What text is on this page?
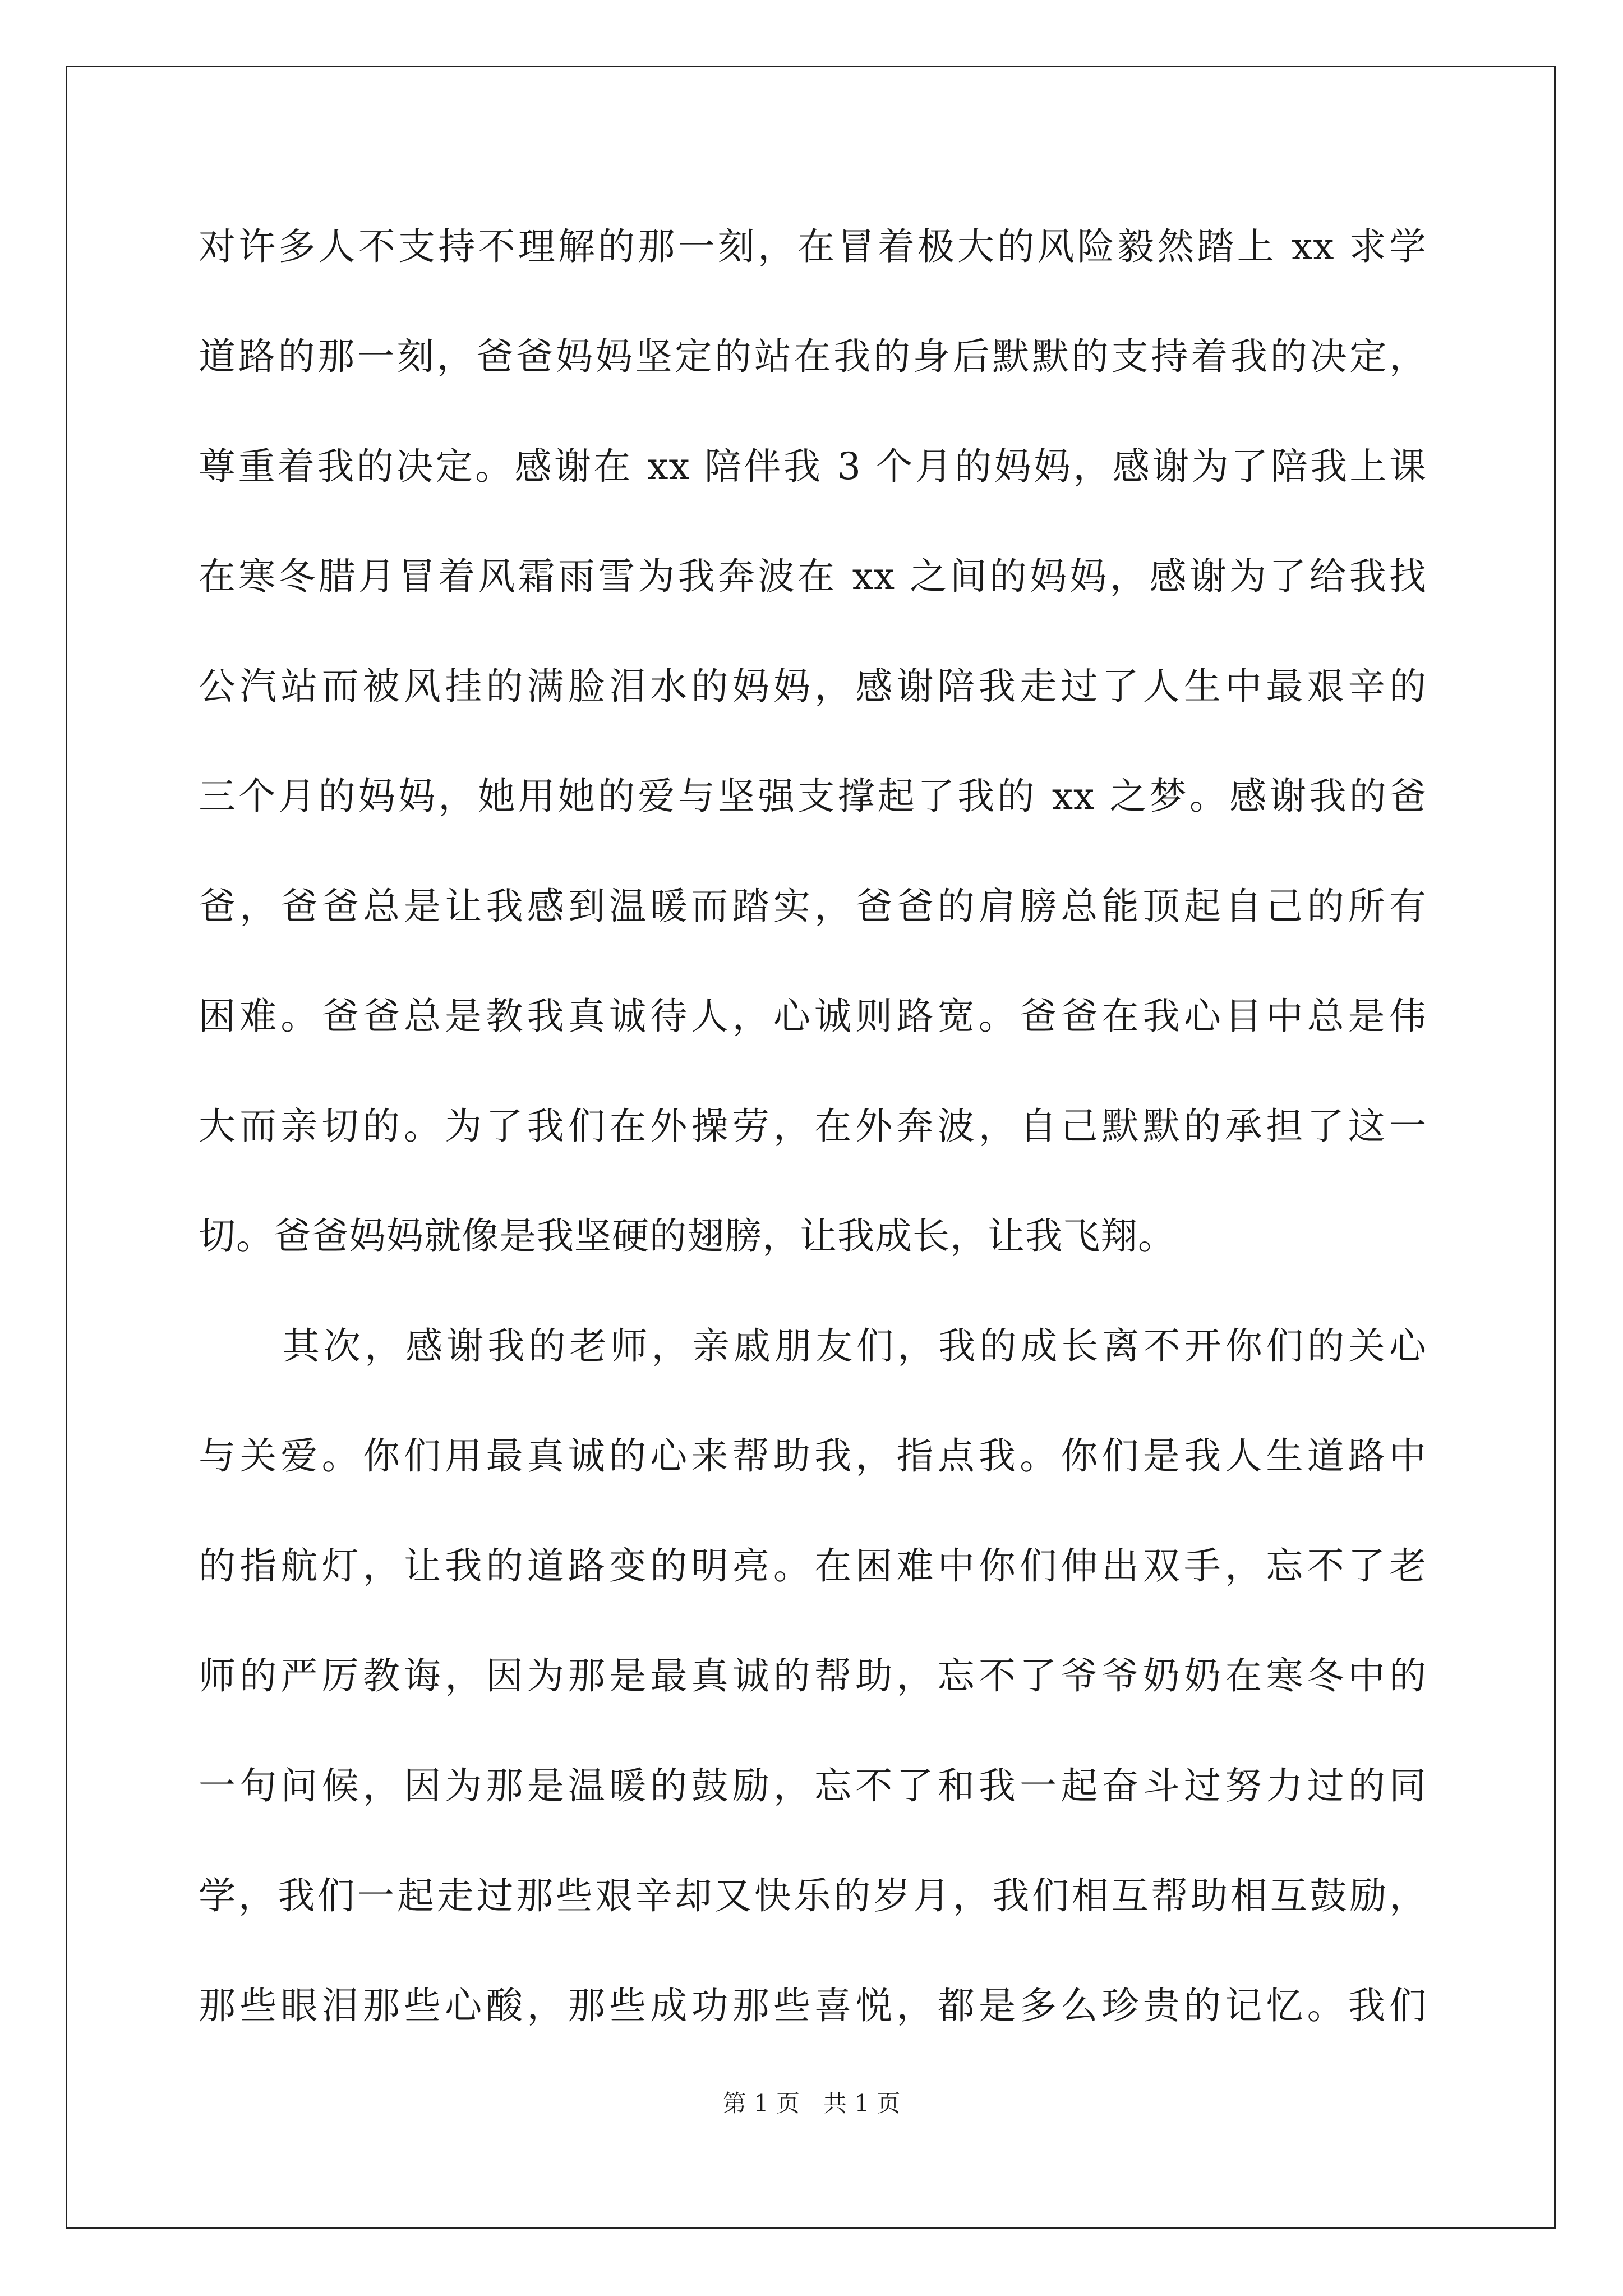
对许多人不支持不理解的那一刻，在冒着极大的风险毅然踏上 xx 求学
道路的那一刻，爸爸妈妈坚定的站在我的身后默默的支持着我的决定，
尊重着我的决定。感谢在 xx 陪伴我 3 个月的妈妈，感谢为了陪我上课
在寒冬腊月冒着风霜雨雪为我奔波在 xx 之间的妈妈，感谢为了给我找
公汽站而被风挂的满脸泪水的妈妈，感谢陪我走过了人生中最艰辛的
三个月的妈妈，她用她的爱与坚强支撑起了我的 xx 之梦。感谢我的爸
爸，爸爸总是让我感到温暖而踏实，爸爸的肩膀总能顶起自己的所有
困难。爸爸总是教我真诚待人，心诚则路宽。爸爸在我心目中总是伟
大而亲切的。为了我们在外操劳，在外奔波，自己默默的承担了这一
切。爸爸妈妈就像是我坚硬的翅膀，让我成长，让我飞翔。
其次，感谢我的老师，亲戚朋友们，我的成长离不开你们的关心
与关爱。你们用最真诚的心来帮助我，指点我。你们是我人生道路中
的指航灯，让我的道路变的明亮。在困难中你们伸出双手，忘不了老
师的严厉教诲，因为那是最真诚的帮助，忘不了爷爷奶奶在寒冬中的
一句问候，因为那是温暖的鼓励，忘不了和我一起奋斗过努力过的同
学，我们一起走过那些艰辛却又快乐的岁月，我们相互帮助相互鼓励，
那些眼泪那些心酸，那些成功那些喜悦，都是多么珍贵的记忆。我们
第 1 页　共 1 页
